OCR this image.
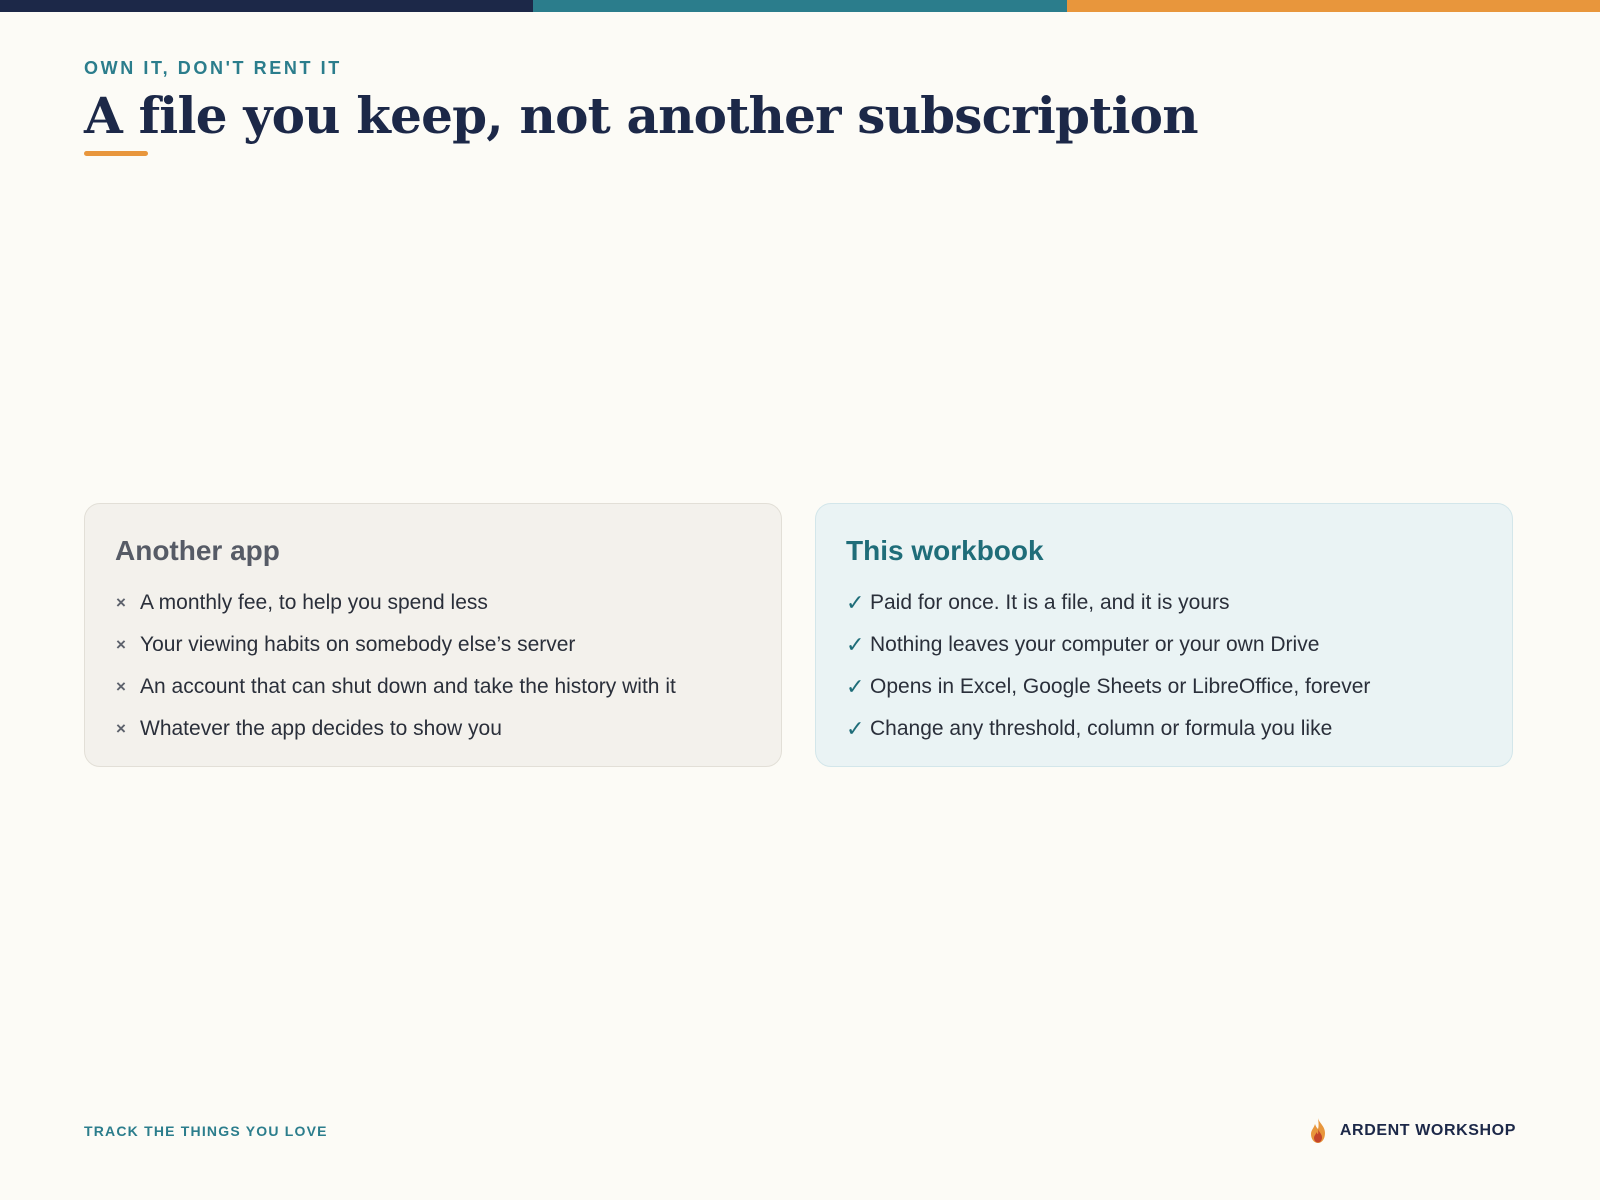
OWN IT, DON'T RENT IT

A file you keep, not another subscription
Another app
× A monthly fee, to help you spend less
× Your viewing habits on somebody else’s server
× An account that can shut down and take the history with it
× Whatever the app decides to show you
This workbook
✓ Paid for once. It is a file, and it is yours
✓ Nothing leaves your computer or your own Drive
✓ Opens in Excel, Google Sheets or LibreOffice, forever
✓ Change any threshold, column or formula you like

TRACK THE THINGS YOU LOVE	ARDENT WORKSHOP
